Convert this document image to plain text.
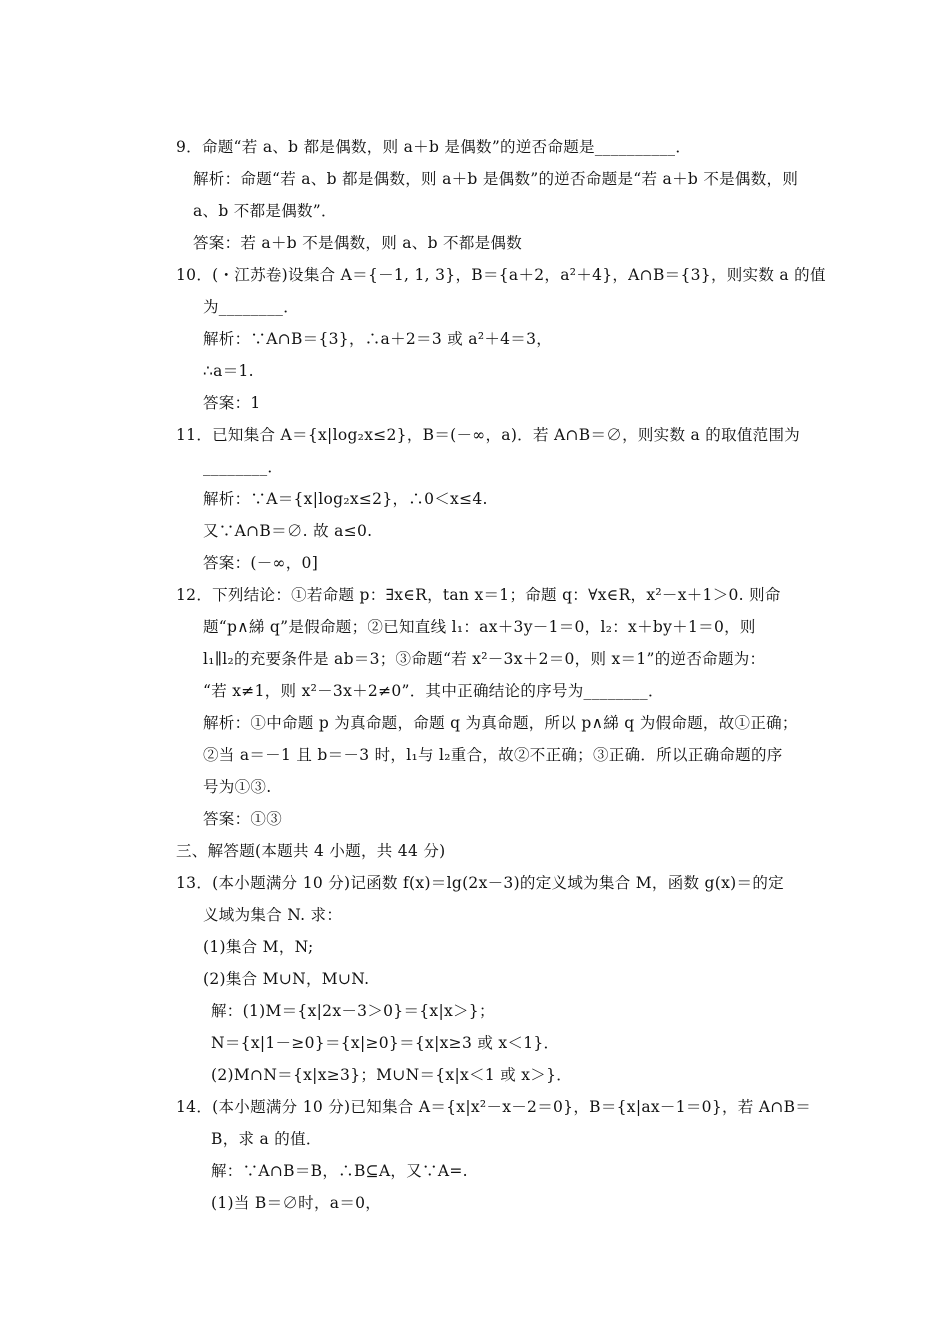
9．命题“若 a、b 都是偶数，则 a＋b 是偶数”的逆否命题是__________．
解析：命题“若 a、b 都是偶数，则 a＋b 是偶数”的逆否命题是“若 a＋b 不是偶数，则
a、b 不都是偶数”．
答案：若 a＋b 不是偶数，则 a、b 不都是偶数
10．(・江苏卷)设集合 A＝{－1, 1, 3}，B＝{a＋2，a²＋4}，A∩B＝{3}，则实数 a 的值
为________．
解析：∵A∩B＝{3}，∴a＋2＝3 或 a²＋4＝3，
∴a＝1.
答案：1
11．已知集合 A＝{x|log₂x≤2}，B＝(－∞，a)．若 A∩B＝∅，则实数 a 的取值范围为
________．
解析：∵A＝{x|log₂x≤2}，∴0＜x≤4.
又∵A∩B＝∅. 故 a≤0.
答案：(－∞，0]
12．下列结论：①若命题 p：∃x∈R，tan x＝1；命题 q：∀x∈R，x²－x＋1＞0. 则命
题“p∧綈 q”是假命题；②已知直线 l₁：ax＋3y－1＝0，l₂：x＋by＋1＝0，则
l₁∥l₂的充要条件是 ab＝3；③命题“若 x²－3x＋2＝0，则 x＝1”的逆否命题为：
“若 x≠1，则 x²－3x＋2≠0”．其中正确结论的序号为________．
解析：①中命题 p 为真命题，命题 q 为真命题，所以 p∧綈 q 为假命题，故①正确；
②当 a＝－1 且 b＝－3 时，l₁与 l₂重合，故②不正确；③正确．所以正确命题的序
号为①③.
答案：①③
三、解答题(本题共 4 小题，共 44 分)
13．(本小题满分 10 分)记函数 f(x)＝lg(2x－3)的定义域为集合 M，函数 g(x)＝的定
义域为集合 N. 求：
(1)集合 M，N;
(2)集合 M∪N，M∪N.
解：(1)M＝{x|2x－3＞0}＝{x|x＞}；
N＝{x|1－≥0}＝{x|≥0}＝{x|x≥3 或 x＜1}．
(2)M∩N＝{x|x≥3}；M∪N＝{x|x＜1 或 x＞}．
14．(本小题满分 10 分)已知集合 A＝{x|x²－x－2＝0}，B＝{x|ax－1＝0}，若 A∩B＝
B，求 a 的值．
解：∵A∩B＝B，∴B⊆A，又∵A=.
(1)当 B＝∅时，a＝0，
